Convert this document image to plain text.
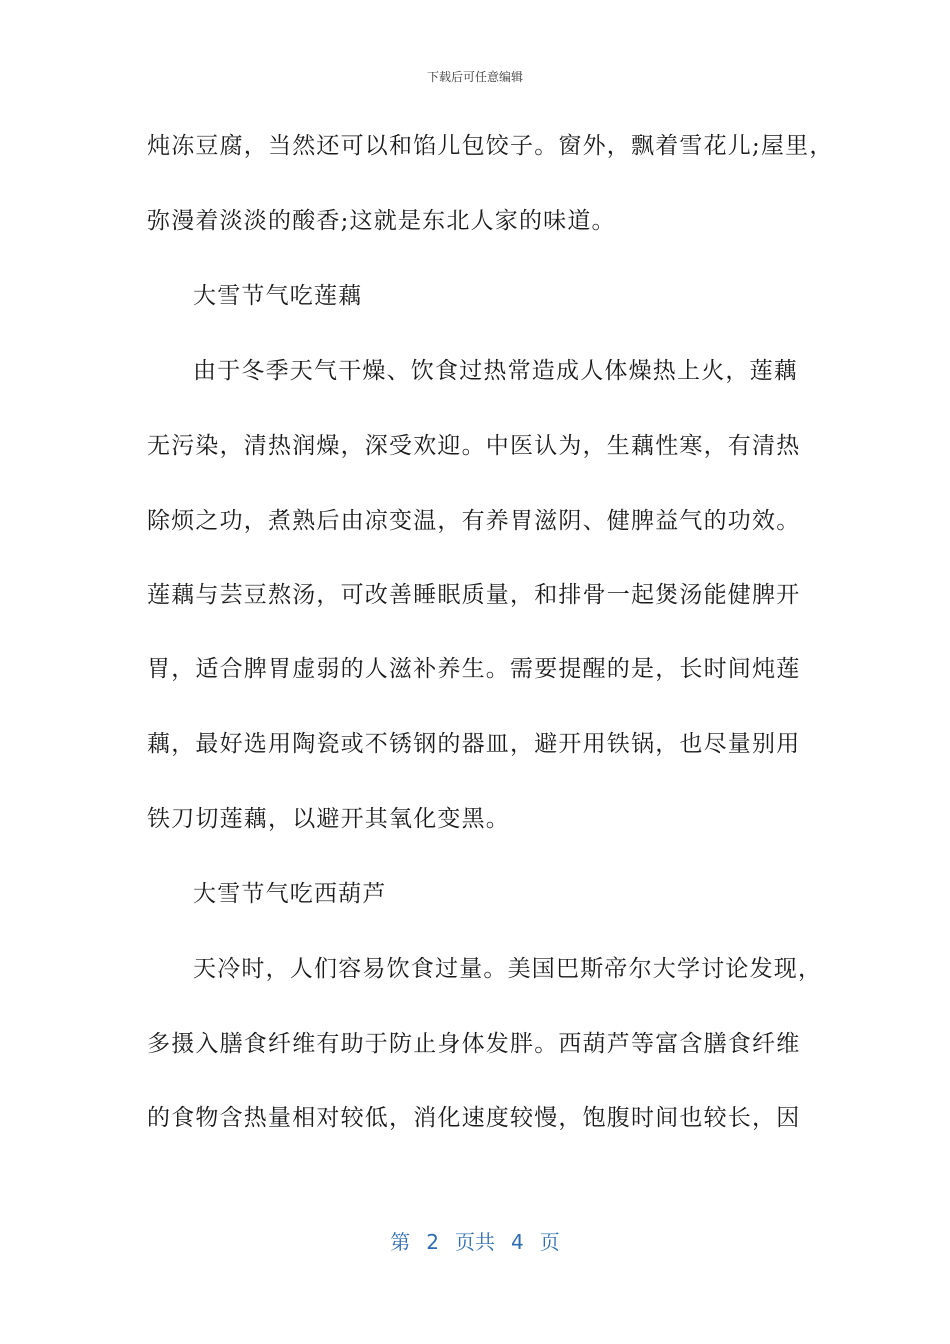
下载后可任意编辑
炖冻豆腐，当然还可以和馅儿包饺子。窗外，飘着雪花儿;屋里，
弥漫着淡淡的酸香;这就是东北人家的味道。
大雪节气吃莲藕
由于冬季天气干燥、饮食过热常造成人体燥热上火，莲藕
无污染，清热润燥，深受欢迎。中医认为，生藕性寒，有清热
除烦之功，煮熟后由凉变温，有养胃滋阴、健脾益气的功效。
莲藕与芸豆熬汤，可改善睡眠质量，和排骨一起煲汤能健脾开
胃，适合脾胃虚弱的人滋补养生。需要提醒的是，长时间炖莲
藕，最好选用陶瓷或不锈钢的器皿，避开用铁锅，也尽量别用
铁刀切莲藕，以避开其氧化变黑。
大雪节气吃西葫芦
天冷时，人们容易饮食过量。美国巴斯帝尔大学讨论发现，
多摄入膳食纤维有助于防止身体发胖。西葫芦等富含膳食纤维
的食物含热量相对较低，消化速度较慢，饱腹时间也较长，因
第 2 页共 4 页
